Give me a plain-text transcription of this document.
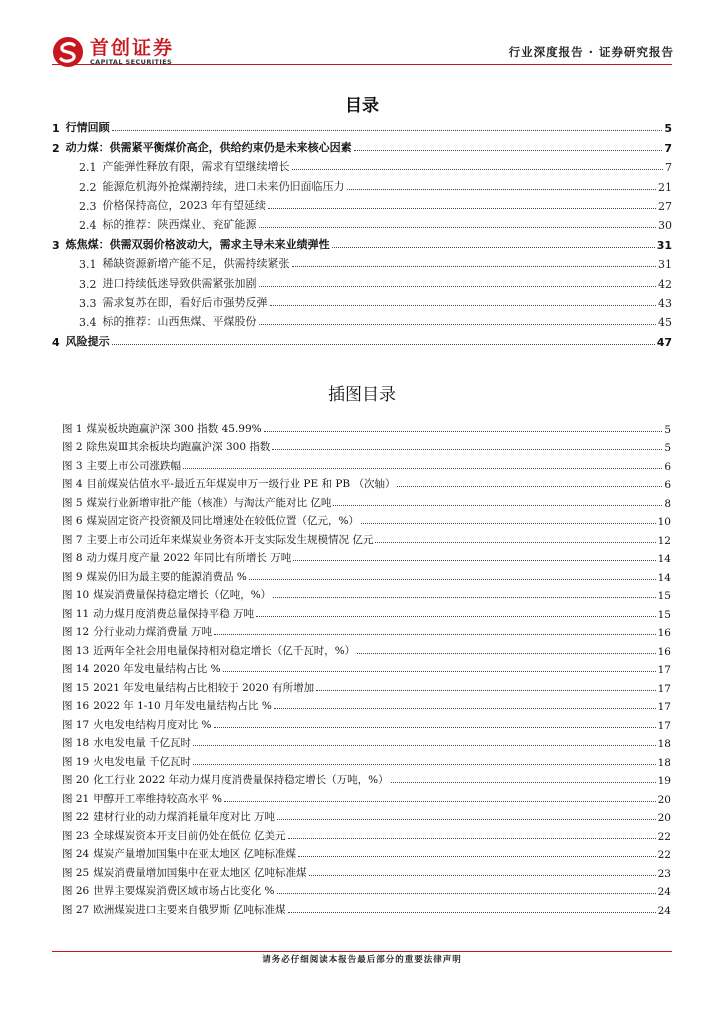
首创证券
CAPITAL SECURITIES
行业深度报告 · 证券研究报告
目录
1 行情回顾	5
2 动力煤：供需紧平衡煤价高企，供给约束仍是未来核心因素	7
2.1 产能弹性释放有限，需求有望继续增长	7
2.2 能源危机海外抢煤潮持续，进口未来仍旧面临压力	21
2.3 价格保持高位，2023 年有望延续	27
2.4 标的推荐：陕西煤业、兖矿能源	30
3 炼焦煤：供需双弱价格波动大，需求主导未来业绩弹性	31
3.1 稀缺资源新增产能不足，供需持续紧张	31
3.2 进口持续低迷导致供需紧张加剧	42
3.3 需求复苏在即，看好后市强势反弹	43
3.4 标的推荐：山西焦煤、平煤股份	45
4 风险提示	47
插图目录
图 1 煤炭板块跑赢沪深 300 指数 45.99%	5
图 2 除焦炭Ⅲ其余板块均跑赢沪深 300 指数	5
图 3 主要上市公司涨跌幅	6
图 4 目前煤炭估值水平-最近五年煤炭申万一级行业 PE 和 PB （次轴）	6
图 5 煤炭行业新增审批产能（核准）与淘汰产能对比 亿吨	8
图 6 煤炭固定资产投资额及同比增速处在较低位置（亿元，%）	10
图 7 主要上市公司近年来煤炭业务资本开支实际发生规模情况 亿元	12
图 8 动力煤月度产量 2022 年同比有所增长 万吨	14
图 9 煤炭仍旧为最主要的能源消费品 %	14
图 10 煤炭消费量保持稳定增长（亿吨，%）	15
图 11 动力煤月度消费总量保持平稳 万吨	15
图 12 分行业动力煤消费量 万吨	16
图 13 近两年全社会用电量保持相对稳定增长（亿千瓦时，%）	16
图 14 2020 年发电量结构占比 %	17
图 15 2021 年发电量结构占比相较于 2020 有所增加	17
图 16 2022 年 1-10 月年发电量结构占比 %	17
图 17 火电发电结构月度对比 %	17
图 18 水电发电量 千亿瓦时	18
图 19 火电发电量 千亿瓦时	18
图 20 化工行业 2022 年动力煤月度消费量保持稳定增长（万吨，%）	19
图 21 甲醇开工率维持较高水平 %	20
图 22 建材行业的动力煤消耗量年度对比 万吨	20
图 23 全球煤炭资本开支目前仍处在低位 亿美元	22
图 24 煤炭产量增加国集中在亚太地区 亿吨标准煤	22
图 25 煤炭消费量增加国集中在亚太地区 亿吨标准煤	23
图 26 世界主要煤炭消费区域市场占比变化 %	24
图 27 欧洲煤炭进口主要来自俄罗斯 亿吨标准煤	24
请务必仔细阅读本报告最后部分的重要法律声明
